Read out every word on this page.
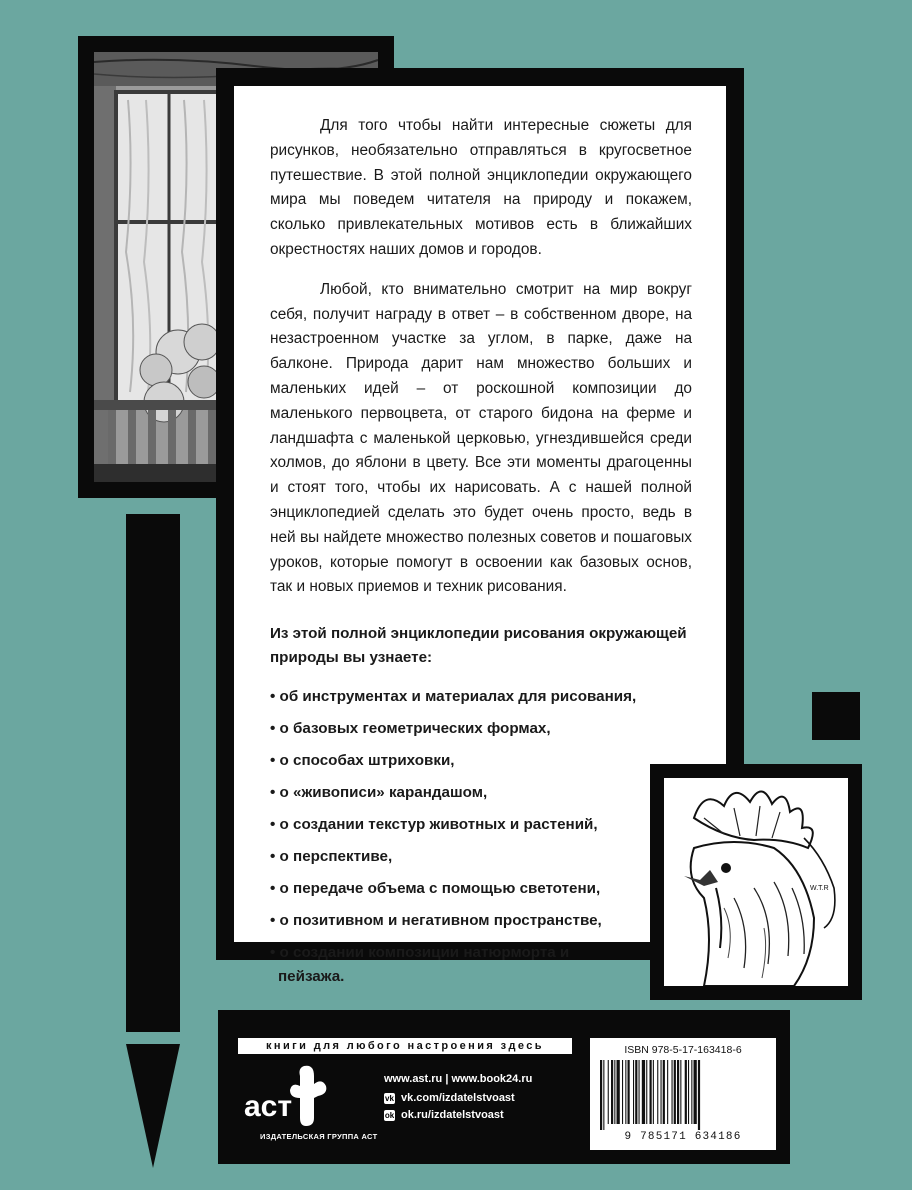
Для того чтобы найти интересные сюжеты для рисунков, необязательно отправляться в кругосветное путешествие. В этой полной энциклопедии окружающего мира мы поведем читателя на природу и покажем, сколько привлекательных мотивов есть в ближайших окрестностях наших домов и городов.

Любой, кто внимательно смотрит на мир вокруг себя, получит награду в ответ – в собственном дворе, на незастроенном участке за углом, в парке, даже на балконе. Природа дарит нам множество больших и маленьких идей – от роскошной композиции до маленького первоцвета, от старого бидона на ферме и ландшафта с маленькой церковью, угнездившейся среди холмов, до яблони в цвету. Все эти моменты драгоценны и стоят того, чтобы их нарисовать. А с нашей полной энциклопедией сделать это будет очень просто, ведь в ней вы найдете множество полезных советов и пошаговых уроков, которые помогут в освоении как базовых основ, так и новых приемов и техник рисования.

Из этой полной энциклопедии рисования окружающей природы вы узнаете:

• об инструментах и материалах для рисования,

• о базовых геометрических формах,

• о способах штриховки,

• о «живописи» карандашом,

• о создании текстур животных и растений,

• о перспективе,

• о передаче объема с помощью светотени,

• о позитивном и негативном пространстве,

• о создании композиции натюрморта и пейзажа.

W.T.R
книги для любого настроения здесь
аст
ИЗДАТЕЛЬСКАЯ ГРУППА АСТ
www.ast.ru | www.book24.ru
vk vk.com/izdatelstvoast
ok ok.ru/izdatelstvoast
ISBN 978-5-17-163418-6
9 785171 634186
